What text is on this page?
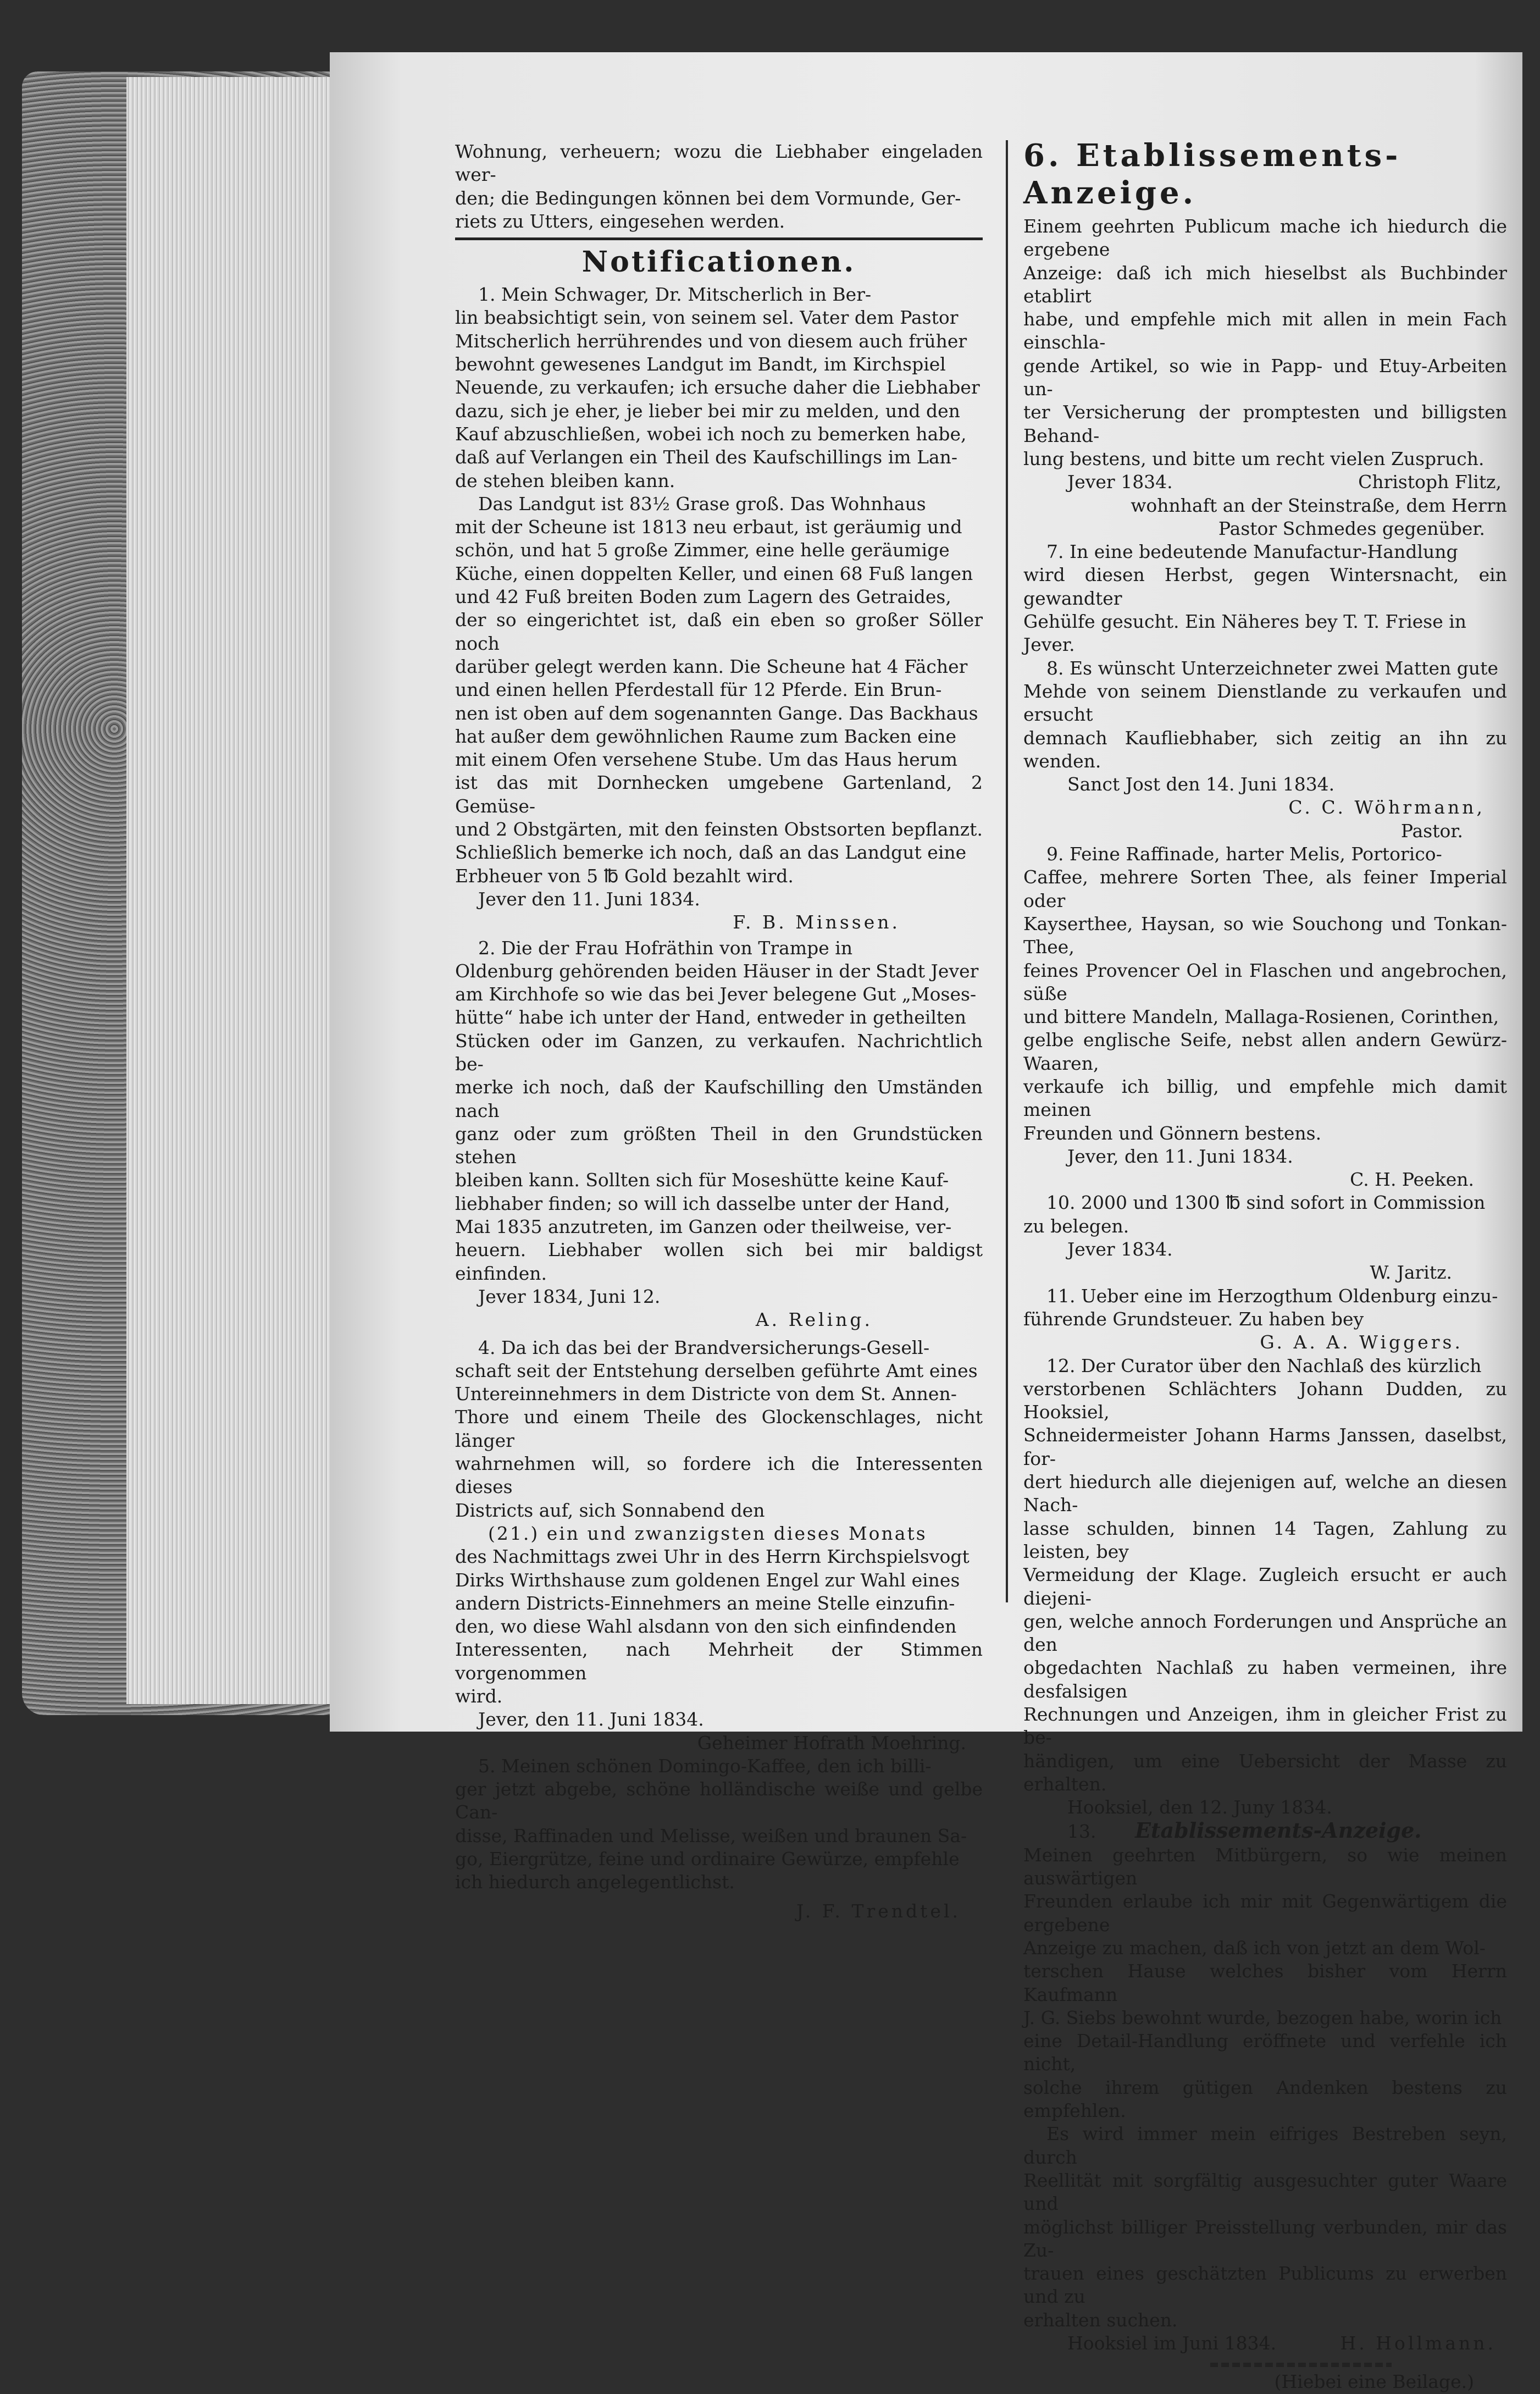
Wohnung, verheuern; wozu die Liebhaber eingeladen wer-
den; die Bedingungen können bei dem Vormunde, Ger-
riets zu Utters, eingesehen werden.
Notificationen.
1. Mein Schwager, Dr. Mitscherlich in Ber-
lin beabsichtigt sein, von seinem sel. Vater dem Pastor
Mitscherlich herrührendes und von diesem auch früher
bewohnt gewesenes Landgut im Bandt, im Kirchspiel
Neuende, zu verkaufen; ich ersuche daher die Liebhaber
dazu, sich je eher, je lieber bei mir zu melden, und den
Kauf abzuschließen, wobei ich noch zu bemerken habe,
daß auf Verlangen ein Theil des Kaufschillings im Lan-
de stehen bleiben kann.
Das Landgut ist 83½ Grase groß. Das Wohnhaus
mit der Scheune ist 1813 neu erbaut, ist geräumig und
schön, und hat 5 große Zimmer, eine helle geräumige
Küche, einen doppelten Keller, und einen 68 Fuß langen
und 42 Fuß breiten Boden zum Lagern des Getraides,
der so eingerichtet ist, daß ein eben so großer Söller noch
darüber gelegt werden kann. Die Scheune hat 4 Fächer
und einen hellen Pferdestall für 12 Pferde. Ein Brun-
nen ist oben auf dem sogenannten Gange. Das Backhaus
hat außer dem gewöhnlichen Raume zum Backen eine
mit einem Ofen versehene Stube. Um das Haus herum
ist das mit Dornhecken umgebene Gartenland, 2 Gemüse-
und 2 Obstgärten, mit den feinsten Obstsorten bepflanzt.
Schließlich bemerke ich noch, daß an das Landgut eine
Erbheuer von 5 ℔ Gold bezahlt wird.
Jever den 11. Juni 1834.
F. B. Minssen.
2. Die der Frau Hofräthin von Trampe in
Oldenburg gehörenden beiden Häuser in der Stadt Jever
am Kirchhofe so wie das bei Jever belegene Gut „Moses-
hütte“ habe ich unter der Hand, entweder in getheilten
Stücken oder im Ganzen, zu verkaufen. Nachrichtlich be-
merke ich noch, daß der Kaufschilling den Umständen nach
ganz oder zum größten Theil in den Grundstücken stehen
bleiben kann. Sollten sich für Moseshütte keine Kauf-
liebhaber finden; so will ich dasselbe unter der Hand,
Mai 1835 anzutreten, im Ganzen oder theilweise, ver-
heuern. Liebhaber wollen sich bei mir baldigst einfinden.
Jever 1834, Juni 12.
A. Reling.
4. Da ich das bei der Brandversicherungs-Gesell-
schaft seit der Entstehung derselben geführte Amt eines
Untereinnehmers in dem Districte von dem St. Annen-
Thore und einem Theile des Glockenschlages, nicht länger
wahrnehmen will, so fordere ich die Interessenten dieses
Districts auf, sich Sonnabend den
(21.) ein und zwanzigsten dieses Monats
des Nachmittags zwei Uhr in des Herrn Kirchspielsvogt
Dirks Wirthshause zum goldenen Engel zur Wahl eines
andern Districts-Einnehmers an meine Stelle einzufin-
den, wo diese Wahl alsdann von den sich einfindenden
Interessenten, nach Mehrheit der Stimmen vorgenommen
wird.
Jever, den 11. Juni 1834.
Geheimer Hofrath Moehring.
5. Meinen schönen Domingo-Kaffee, den ich billi-
ger jetzt abgebe, schöne holländische weiße und gelbe Can-
disse, Raffinaden und Melisse, weißen und braunen Sa-
go, Eiergrütze, feine und ordinaire Gewürze, empfehle
ich hiedurch angelegentlichst.
J. F. Trendtel.
6. Etablissements-Anzeige.
Einem geehrten Publicum mache ich hiedurch die ergebene
Anzeige: daß ich mich hieselbst als Buchbinder etablirt
habe, und empfehle mich mit allen in mein Fach einschla-
gende Artikel, so wie in Papp- und Etuy-Arbeiten un-
ter Versicherung der promptesten und billigsten Behand-
lung bestens, und bitte um recht vielen Zuspruch.
Jever 1834.	Christoph Flitz,
wohnhaft an der Steinstraße, dem Herrn
Pastor Schmedes gegenüber.
7. In eine bedeutende Manufactur-Handlung
wird diesen Herbst, gegen Wintersnacht, ein gewandter
Gehülfe gesucht. Ein Näheres bey T. T. Friese in
Jever.
8. Es wünscht Unterzeichneter zwei Matten gute
Mehde von seinem Dienstlande zu verkaufen und ersucht
demnach Kaufliebhaber, sich zeitig an ihn zu wenden.
Sanct Jost den 14. Juni 1834.
C. C. Wöhrmann,
Pastor.
9. Feine Raffinade, harter Melis, Portorico-
Caffee, mehrere Sorten Thee, als feiner Imperial oder
Kayserthee, Haysan, so wie Souchong und Tonkan-Thee,
feines Provencer Oel in Flaschen und angebrochen, süße
und bittere Mandeln, Mallaga-Rosienen, Corinthen,
gelbe englische Seife, nebst allen andern Gewürz-Waaren,
verkaufe ich billig, und empfehle mich damit meinen
Freunden und Gönnern bestens.
Jever, den 11. Juni 1834.
C. H. Peeken.
10. 2000 und 1300 ℔ sind sofort in Commission
zu belegen.
Jever 1834.
W. Jaritz.
11. Ueber eine im Herzogthum Oldenburg einzu-
führende Grundsteuer. Zu haben bey
G. A. A. Wiggers.
12. Der Curator über den Nachlaß des kürzlich
verstorbenen Schlächters Johann Dudden, zu Hooksiel,
Schneidermeister Johann Harms Janssen, daselbst, for-
dert hiedurch alle diejenigen auf, welche an diesen Nach-
lasse schulden, binnen 14 Tagen, Zahlung zu leisten, bey
Vermeidung der Klage. Zugleich ersucht er auch diejeni-
gen, welche annoch Forderungen und Ansprüche an den
obgedachten Nachlaß zu haben vermeinen, ihre desfalsigen
Rechnungen und Anzeigen, ihm in gleicher Frist zu be-
händigen, um eine Uebersicht der Masse zu erhalten.
Hooksiel, den 12. Juny 1834.
13. Etablissements-Anzeige.
Meinen geehrten Mitbürgern, so wie meinen auswärtigen
Freunden erlaube ich mir mit Gegenwärtigem die ergebene
Anzeige zu machen, daß ich von jetzt an dem Wol-
terschen Hause welches bisher vom Herrn Kaufmann
J. G. Siebs bewohnt wurde, bezogen habe, worin ich
eine Detail-Handlung eröffnete und verfehle ich nicht,
solche ihrem gütigen Andenken bestens zu empfehlen.
Es wird immer mein eifriges Bestreben seyn, durch
Reellität mit sorgfältig ausgesuchter guter Waare und
möglichst billiger Preisstellung verbunden, mir das Zu-
trauen eines geschätzten Publicums zu erwerben und zu
erhalten suchen.
Hooksiel im Juni 1834.	H. Hollmann.
(Hiebei eine Beilage.)
